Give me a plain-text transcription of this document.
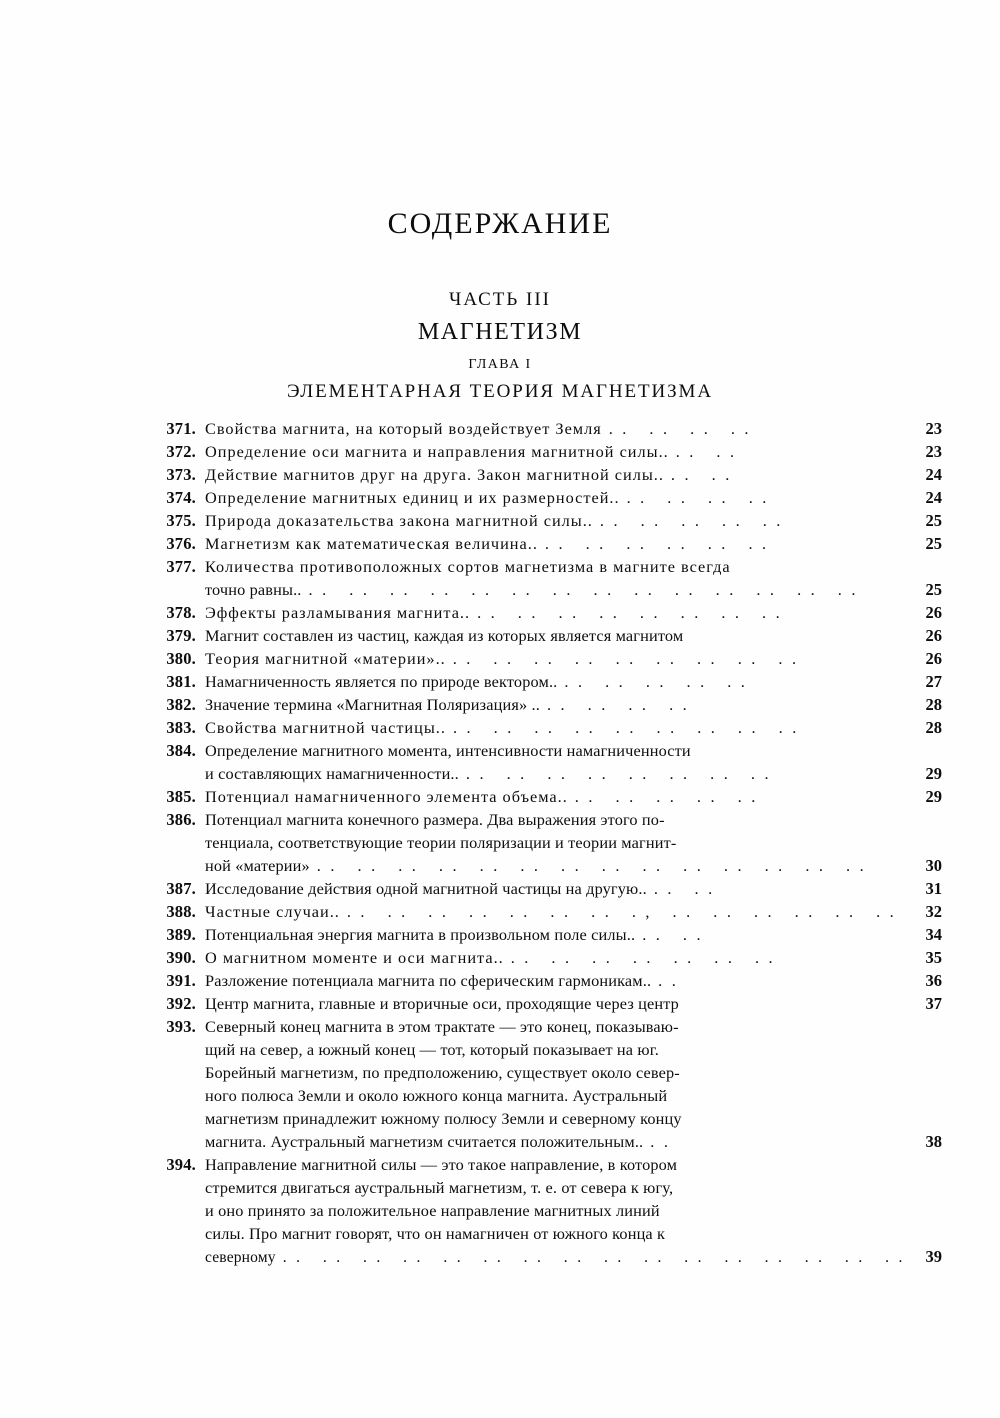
СОДЕРЖАНИЕ
ЧАСТЬ III
МАГНЕТИЗМ
ГЛАВА I
ЭЛЕМЕНТАРНАЯ ТЕОРИЯ МАГНЕТИЗМА
371. Свойства магнита, на который воздействует Земля .. .. .. ..	23
372. Определение оси магнита и направления магнитной силы.. .. ..	23
373. Действие магнитов друг на друга. Закон магнитной силы.. .. ..	24
374. Определение магнитных единиц и их размерностей.. .. .. .. ..	24
375. Природа доказательства закона магнитной силы.. .. .. .. .. ..	25
376. Магнетизм как математическая величина.. .. .. .. .. .. ..	25
377. Количества противоположных сортов магнетизма в магните всегда
точно равны.. .. .. .. .. .. .. .. .. .. .. .. .. .. ..	25
378. Эффекты разламывания магнита.. .. .. .. .. .. .. .. ..	26
379. Магнит составлен из частиц, каждая из которых является магнитом	26
380. Теория магнитной «материи».. .. .. .. .. .. .. .. .. ..	26
381. Намагниченность является по природе вектором.. .. .. .. .. ..	27
382. Значение термина «Магнитная Поляризация» .. .. .. .. ..	28
383. Свойства магнитной частицы.. .. .. .. .. .. .. .. .. ..	28
384. Определение магнитного момента, интенсивности намагниченности
и составляющих намагниченности.. .. .. .. .. .. .. .. ..	29
385. Потенциал намагниченного элемента объема.. .. .. .. .. ..	29
386. Потенциал магнита конечного размера. Два выражения этого по-
тенциала, соответствующие теории поляризации и теории магнит-
ной «материи» .. .. .. .. .. .. .. .. .. .. .. .. .. ..	30
387. Исследование действия одной магнитной частицы на другую.. .. ..	31
388. Частные случаи.. .. .. .. .. .. .. .. ., .. .. .. .. .. ..	32
389. Потенциальная энергия магнита в произвольном поле силы.. .. ..	34
390. О магнитном моменте и оси магнита.. .. .. .. .. .. .. ..	35
391. Разложение потенциала магнита по сферическим гармоникам.. ..	36
392. Центр магнита, главные и вторичные оси, проходящие через центр	37
393. Северный конец магнита в этом трактате — это конец, показываю-
щий на север, а южный конец — тот, который показывает на юг.
Борейный магнетизм, по предположению, существует около север-
ного полюса Земли и около южного конца магнита. Аустральный
магнетизм принадлежит южному полюсу Земли и северному концу
магнита. Аустральный магнетизм считается положительным.. ..	38
394. Направление магнитной силы — это такое направление, в котором
стремится двигаться аустральный магнетизм, т. е. от севера к югу,
и оно принято за положительное направление магнитных линий
силы. Про магнит говорят, что он намагничен от южного конца к
северному .. .. .. .. .. .. .. .. .. .. .. .. .. .. .. .. 39
